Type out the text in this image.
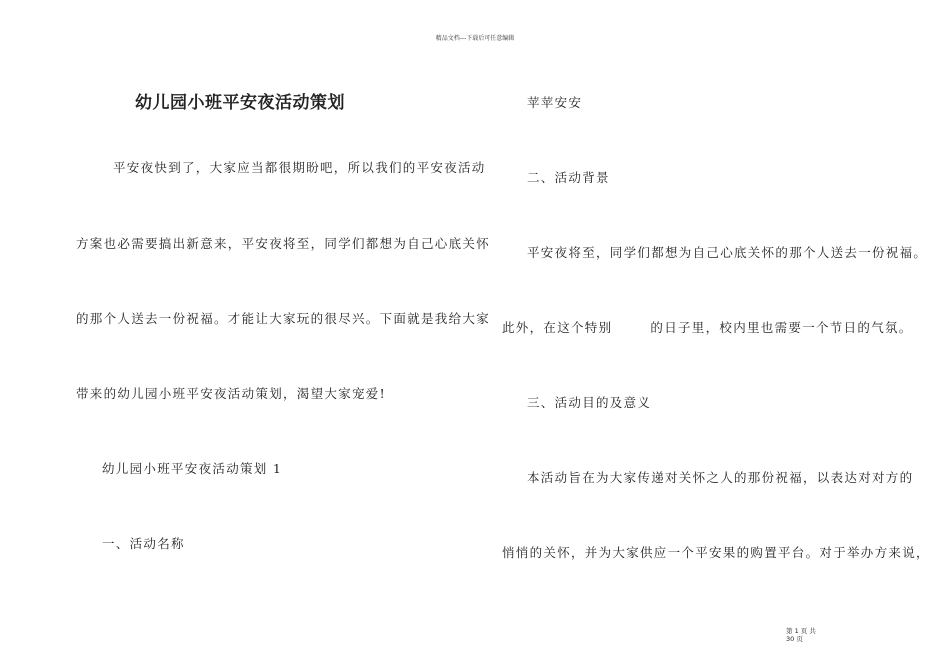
精品文档---下载后可任意编辑
幼儿园小班平安夜活动策划
平安夜快到了，大家应当都很期盼吧，所以我们的平安夜活动
方案也必需要搞出新意来，平安夜将至，同学们都想为自己心底关怀
的那个人送去一份祝福。才能让大家玩的很尽兴。下面就是我给大家
带来的幼儿园小班平安夜活动策划，渴望大家宠爱!
幼儿园小班平安夜活动策划 1
一、活动名称
苹苹安安
二、活动背景
平安夜将至，同学们都想为自己心底关怀的那个人送去一份祝福。
此外，在这个特别	的日子里，校内里也需要一个节日的气氛。
三、活动目的及意义
本活动旨在为大家传递对关怀之人的那份祝福，以表达对对方的
悄悄的关怀，并为大家供应一个平安果的购置平台。对于举办方来说，
第 1 页 共 30 页
